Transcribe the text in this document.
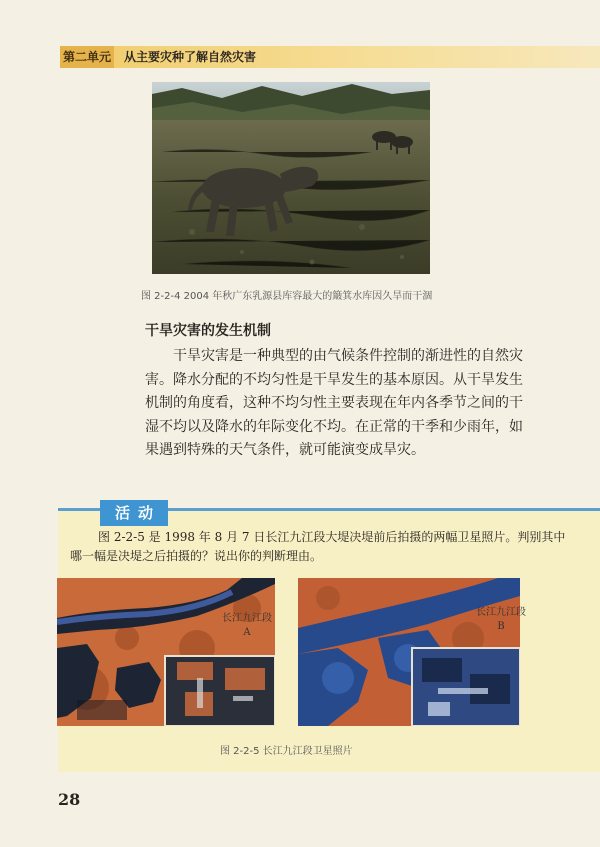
第二单元 从主要灾种了解自然灾害
图 2-2-4 2004 年秋广东乳源县库容最大的簸箕水库因久旱而干涸
干旱灾害的发生机制

干旱灾害是一种典型的由气候条件控制的渐进性的自然灾害。降水分配的不均匀性是干旱发生的基本原因。从干旱发生机制的角度看，这种不均匀性主要表现在年内各季节之间的干湿不均以及降水的年际变化不均。在正常的干季和少雨年，如果遇到特殊的天气条件，就可能演变成旱灾。

活动

图 2-2-5 是 1998 年 8 月 7 日长江九江段大堤决堤前后拍摄的两幅卫星照片。判别其中哪一幅是决堤之后拍摄的？说出你的判断理由。

长江九江段
A
长江九江段
B
图 2-2-5 长江九江段卫星照片
28
